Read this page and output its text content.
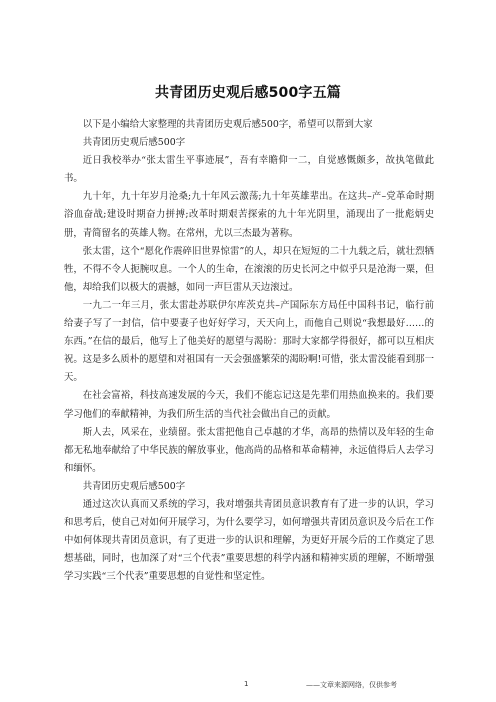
共青团历史观后感500字五篇

以下是小编给大家整理的共青团历史观后感500字，希望可以帮到大家

共青团历史观后感500字

近日我校举办“张太雷生平事迹展”，吾有幸瞻仰一二，自觉感慨颇多，故执笔做此书。

九十年，九十年岁月沧桑;九十年风云激荡;九十年英雄辈出。在这共–产–党革命时期浴血奋战;建设时期奋力拼搏;改革时期艰苦探索的九十年光阴里，涌现出了一批彪炳史册，青简留名的英雄人物。在常州，尤以三杰最为著称。

张太雷，这个“愿化作震碎旧世界惊雷”的人，却只在短短的二十九载之后，就壮烈牺牲，不得不令人扼腕叹息。一个人的生命，在滚滚的历史长河之中似乎只是沧海一粟，但他，却给我们以极大的震撼，如同一声巨雷从天边滚过。

一九二一年三月，张太雷赴苏联伊尔库茨克共–产国际东方局任中国科书记，临行前给妻子写了一封信，信中要妻子也好好学习，天天向上，而他自己则说“我想最好……的东西。”在信的最后，他写上了他美好的愿望与渴盼：那时大家都学得很好，都可以互相庆祝。这是多么质朴的愿望和对祖国有一天会强盛繁荣的渴盼啊!可惜，张太雷没能看到那一天。

在社会富裕，科技高速发展的今天，我们不能忘记这是先辈们用热血换来的。我们要学习他们的奉献精神，为我们所生活的当代社会做出自己的贡献。

斯人去，风采在，业绩留。张太雷把他自己卓越的才华，高昂的热情以及年轻的生命都无私地奉献给了中华民族的解放事业，他高尚的品格和革命精神，永远值得后人去学习和缅怀。

共青团历史观后感500字

通过这次认真而又系统的学习，我对增强共青团员意识教育有了进一步的认识，学习和思考后，使自己对如何开展学习，为什么要学习，如何增强共青团员意识及今后在工作中如何体现共青团员意识，有了更进一步的认识和理解，为更好开展今后的工作奠定了思想基础，同时，也加深了对“三个代表”重要思想的科学内涵和精神实质的理解，不断增强学习实践“三个代表”重要思想的自觉性和坚定性。

1	——文章来源网络，仅供参考
